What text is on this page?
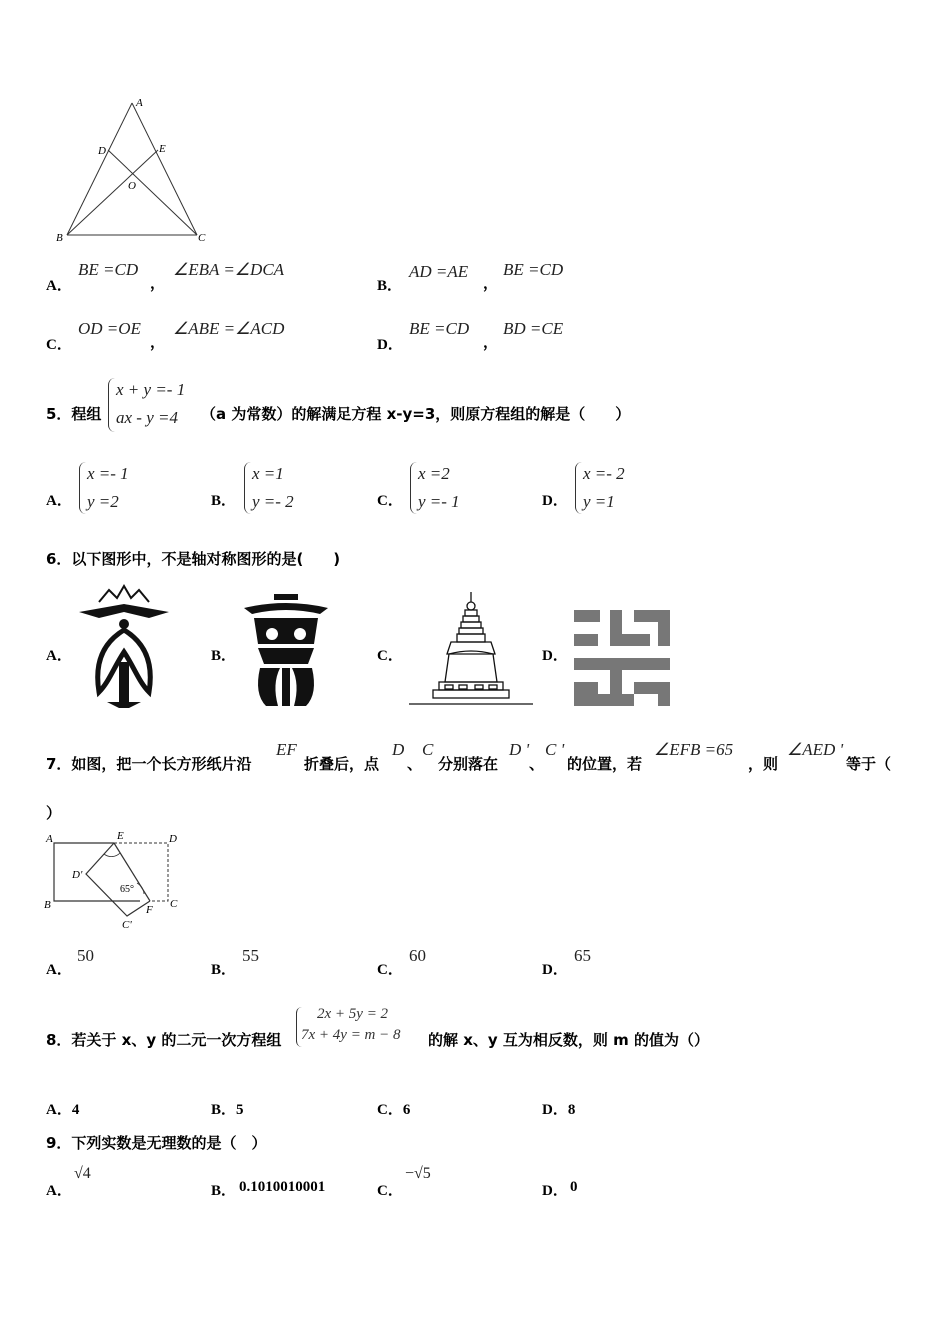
A
D	E
O
B	C
A．
BE =CD
，
∠EBA =∠DCA
B．
AD =AE
，
BE =CD
C．
OD =OE
，
∠ABE =∠ACD
D．
BE =CD
，
BD =CE
5．程组
x + y =- 1
ax - y =4	（a 为常数）的解满足方程 x-y=3，则原方程组的解是（　　）
A．
x =- 1
y =2	B．
x =1
y =- 2	C．
x =2
y =- 1	D．
x =- 2
y =1
6．以下图形中，不是轴对称图形的是(　　)
A．	B．	C．	D．
7．如图，把一个长方形纸片沿
EF
折叠后，点
D
、
C
分别落在
D '
、
C '
的位置，若
∠EFB =65
，则
∠AED '
等于（
）
A	E	D
D'
65°
B	F C
C'
A．
50
B．
55
C．
60
D．
65
8．若关于 x、y 的二元一次方程组
2x + 5y = 2
7x + 4y = m − 8 的解 x、y 互为相反数，则 m 的值为（）
A．4	B．5	C．6	D．8
9．下列实数是无理数的是（　）
A．
√4
B． 0.1010010001	C．
−√5
D． 0
